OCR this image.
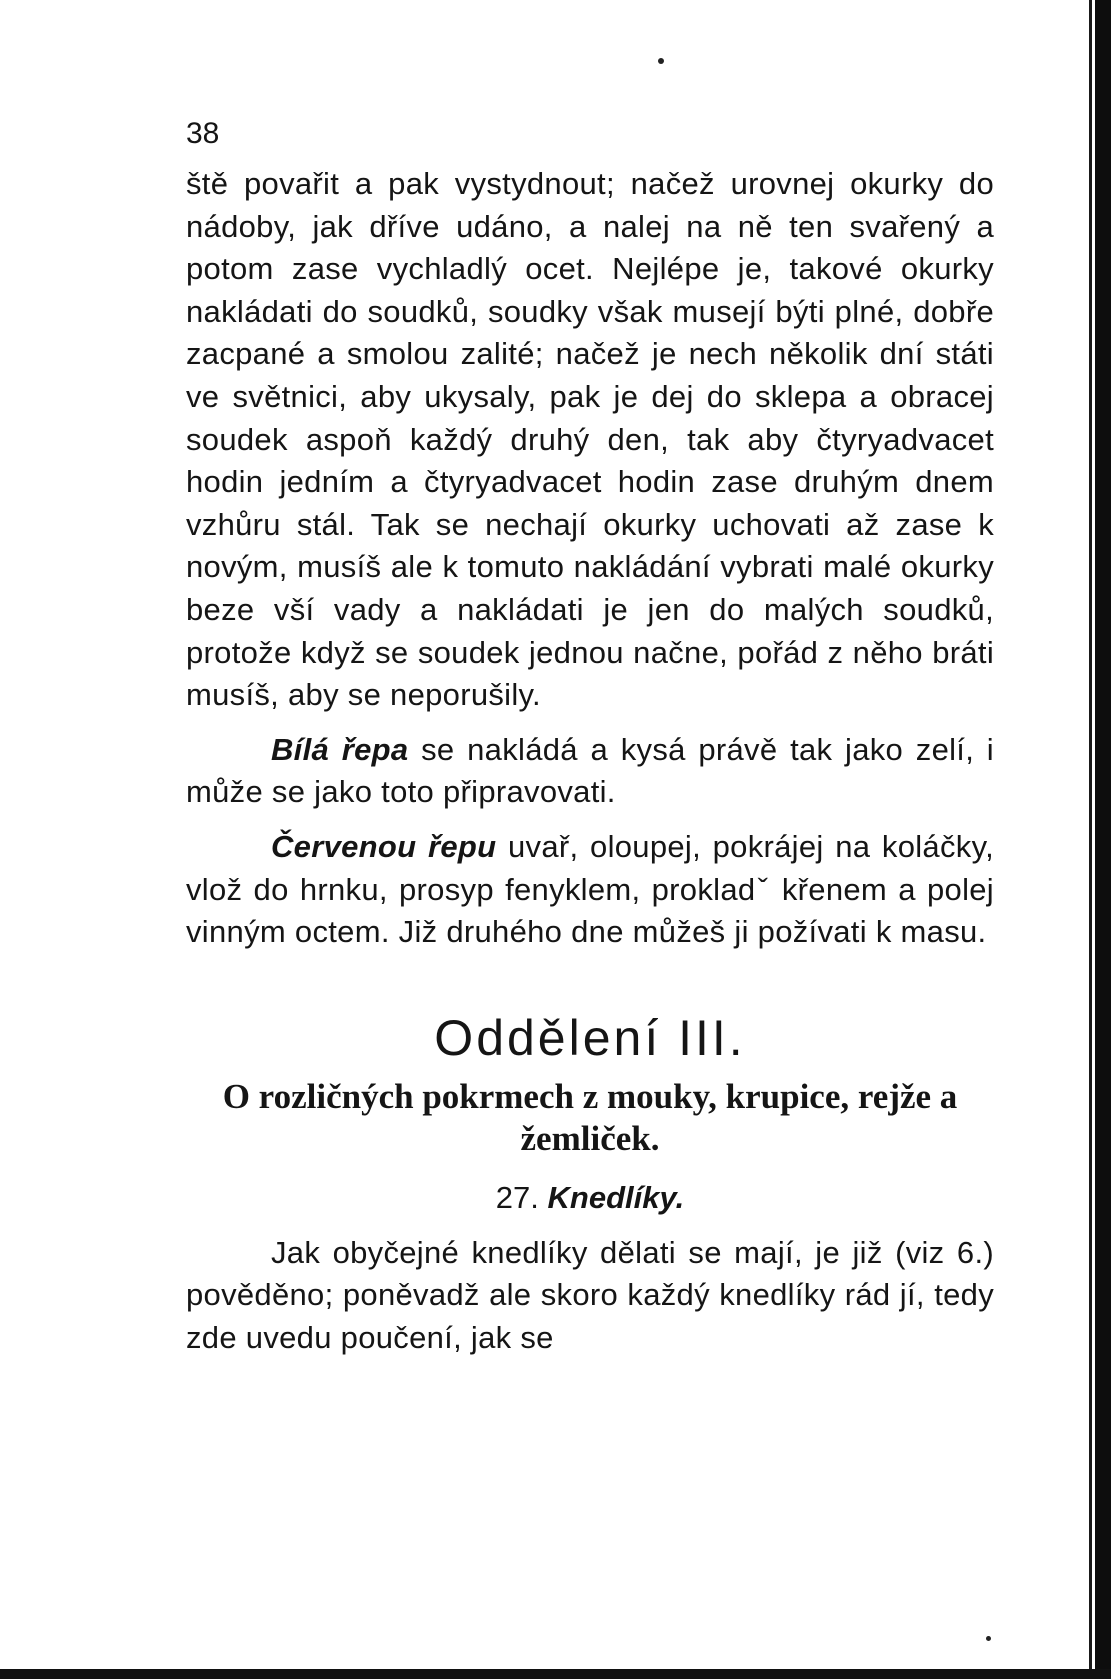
38

ště povařit a pak vystydnout; načež urovnej okurky do nádoby, jak dříve udáno, a nalej na ně ten svařený a potom zase vychladlý ocet. Nejlépe je, takové okurky nakládati do soudků, soudky však musejí býti plné, dobře zacpané a smolou zalité; načež je nech několik dní státi ve světnici, aby ukysaly, pak je dej do sklepa a obracej soudek aspoň každý druhý den, tak aby čtyryadvacet hodin jedním a čtyryadvacet hodin zase druhým dnem vzhůru stál. Tak se nechají okurky uchovati až zase k novým, musíš ale k tomuto nakládání vybrati malé okurky beze vší vady a nakládati je jen do malých soudků, protože když se soudek jednou načne, pořád z něho bráti musíš, aby se neporušily.

Bílá řepa se nakládá a kysá právě tak jako zelí, i může se jako toto připravovati.

Červenou řepu uvař, oloupej, pokrájej na koláčky, vlož do hrnku, prosyp fenyklem, prokladˇ křenem a polej vinným octem. Již druhého dne můžeš ji požívati k masu.

Oddělení III.
O rozličných pokrmech z mouky, krupice, rejže a žemliček.
27. Knedlíky.

Jak obyčejné knedlíky dělati se mají, je již (viz 6.) pověděno; poněvadž ale skoro každý knedlíky rád jí, tedy zde uvedu poučení, jak se
